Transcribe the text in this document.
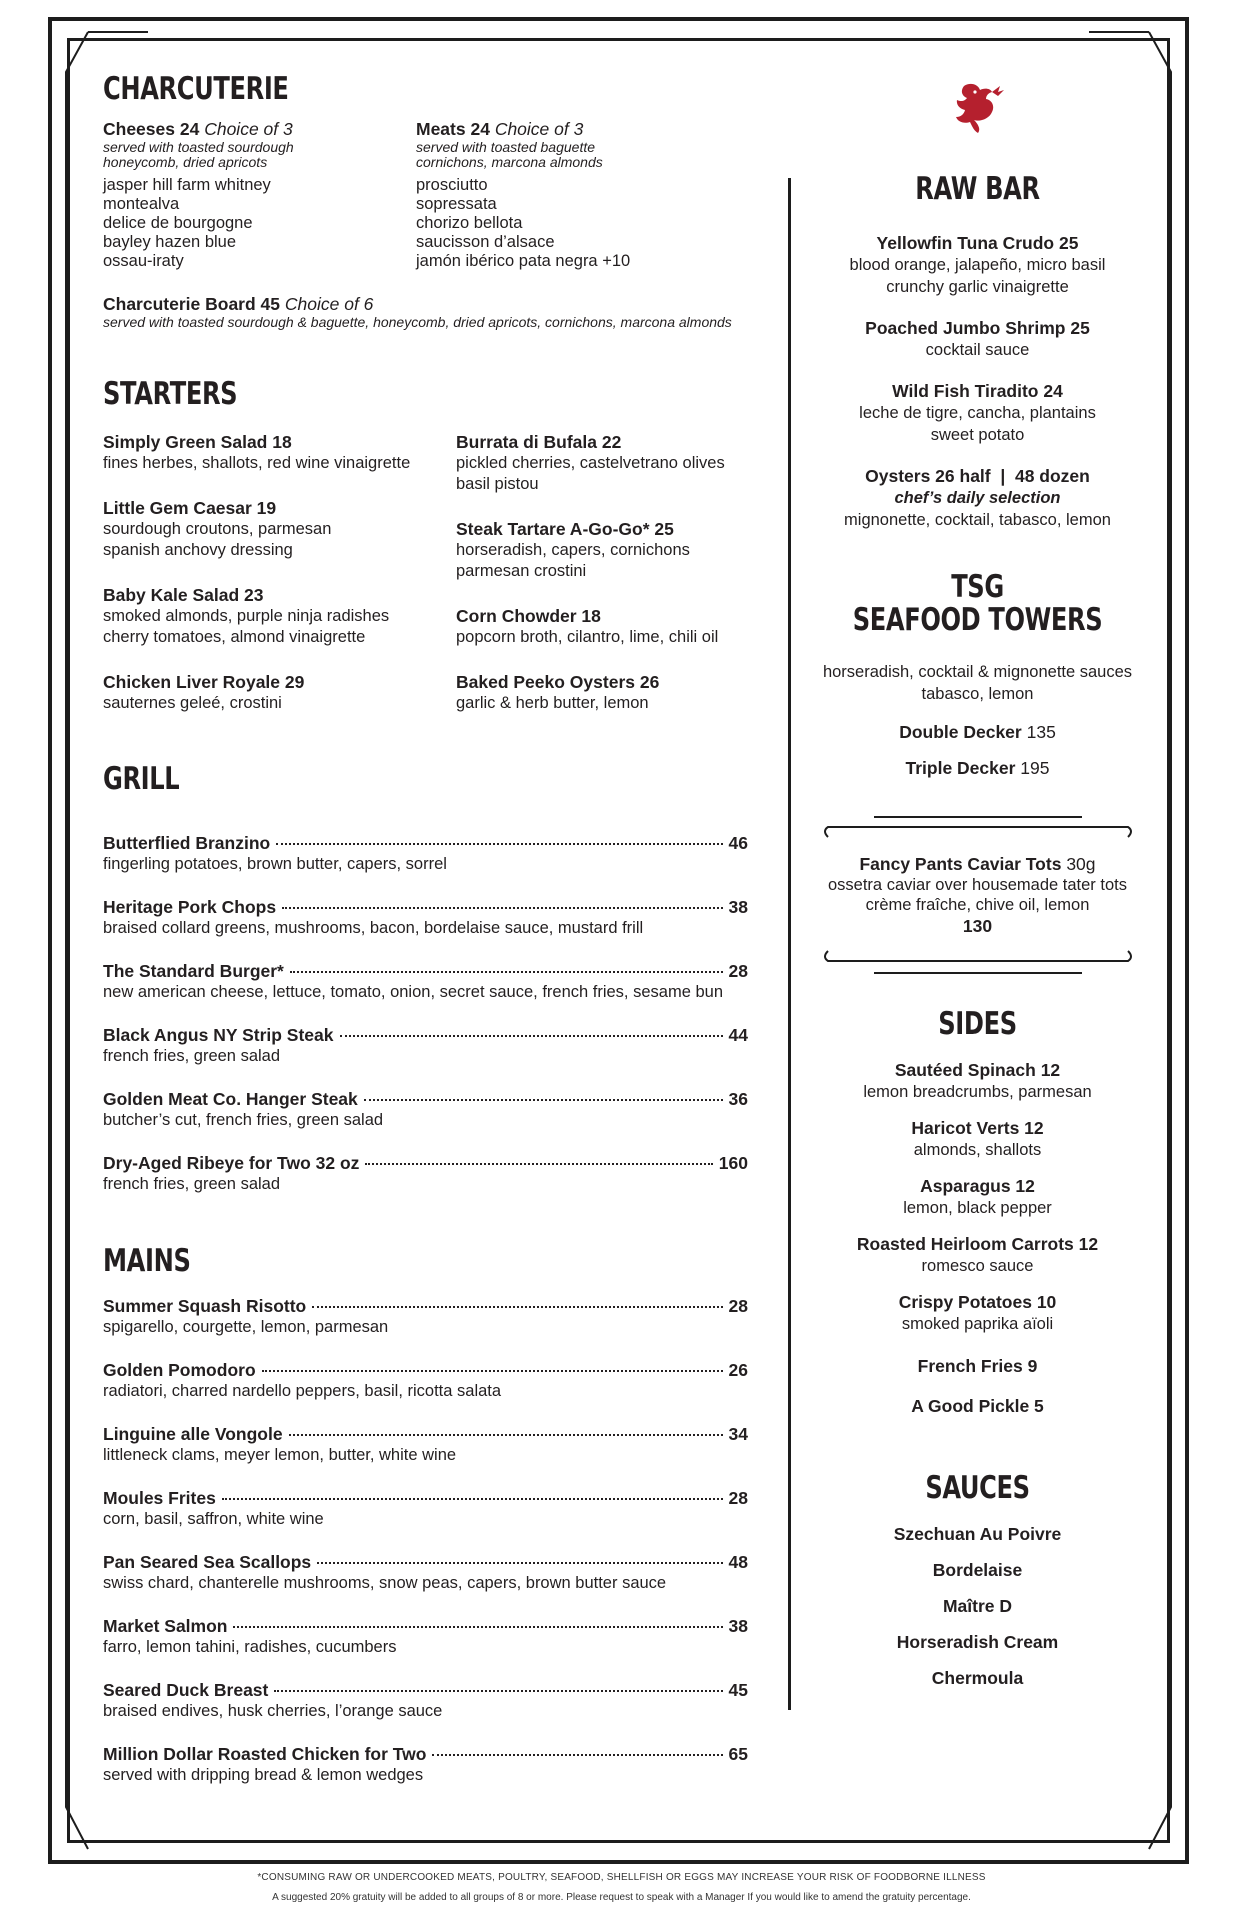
CHARCUTERIE
Cheeses 24 Choice of 3
served with toasted sourdough
honeycomb, dried apricots
jasper hill farm whitney
montealva
delice de bourgogne
bayley hazen blue
ossau-iraty
Meats 24 Choice of 3
served with toasted baguette
cornichons, marcona almonds
prosciutto
sopressata
chorizo bellota
saucisson d’alsace
jamón ibérico pata negra +10
Charcuterie Board 45 Choice of 6
served with toasted sourdough & baguette, honeycomb, dried apricots, cornichons, marcona almonds
STARTERS
Simply Green Salad 18
fines herbes, shallots, red wine vinaigrette
Little Gem Caesar 19
sourdough croutons, parmesan
spanish anchovy dressing
Baby Kale Salad 23
smoked almonds, purple ninja radishes
cherry tomatoes, almond vinaigrette
Chicken Liver Royale 29
sauternes geleé, crostini
Burrata di Bufala 22
pickled cherries, castelvetrano olives
basil pistou
Steak Tartare A-Go-Go* 25
horseradish, capers, cornichons
parmesan crostini
Corn Chowder 18
popcorn broth, cilantro, lime, chili oil
Baked Peeko Oysters 26
garlic & herb butter, lemon
GRILL
Butterflied Branzino	46
fingerling potatoes, brown butter, capers, sorrel
Heritage Pork Chops	38
braised collard greens, mushrooms, bacon, bordelaise sauce, mustard frill
The Standard Burger*	28
new american cheese, lettuce, tomato, onion, secret sauce, french fries, sesame bun
Black Angus NY Strip Steak	44
french fries, green salad
Golden Meat Co. Hanger Steak	36
butcher’s cut, french fries, green salad
Dry-Aged Ribeye for Two 32 oz	160
french fries, green salad
MAINS
Summer Squash Risotto	28
spigarello, courgette, lemon, parmesan
Golden Pomodoro	26
radiatori, charred nardello peppers, basil, ricotta salata
Linguine alle Vongole	34
littleneck clams, meyer lemon, butter, white wine
Moules Frites	28
corn, basil, saffron, white wine
Pan Seared Sea Scallops	48
swiss chard, chanterelle mushrooms, snow peas, capers, brown butter sauce
Market Salmon	38
farro, lemon tahini, radishes, cucumbers
Seared Duck Breast	45
braised endives, husk cherries, l’orange sauce
Million Dollar Roasted Chicken for Two	65
served with dripping bread & lemon wedges
RAW BAR
Yellowfin Tuna Crudo 25
blood orange, jalapeño, micro basil
crunchy garlic vinaigrette
Poached Jumbo Shrimp 25
cocktail sauce
Wild Fish Tiradito 24
leche de tigre, cancha, plantains
sweet potato
Oysters 26 half  |  48 dozen
chef’s daily selection
mignonette, cocktail, tabasco, lemon
TSG
SEAFOOD TOWERS
horseradish, cocktail & mignonette sauces
tabasco, lemon
Double Decker 135
Triple Decker 195
Fancy Pants Caviar Tots 30g
ossetra caviar over housemade tater tots
crème fraîche, chive oil, lemon
130
SIDES
Sautéed Spinach 12
lemon breadcrumbs, parmesan
Haricot Verts 12
almonds, shallots
Asparagus 12
lemon, black pepper
Roasted Heirloom Carrots 12
romesco sauce
Crispy Potatoes 10
smoked paprika aïoli
French Fries 9
A Good Pickle 5
SAUCES
Szechuan Au Poivre
Bordelaise
Maître D
Horseradish Cream
Chermoula
*CONSUMING RAW OR UNDERCOOKED MEATS, POULTRY, SEAFOOD, SHELLFISH OR EGGS MAY INCREASE YOUR RISK OF FOODBORNE ILLNESS
A suggested 20% gratuity will be added to all groups of 8 or more. Please request to speak with a Manager If you would like to amend the gratuity percentage.
